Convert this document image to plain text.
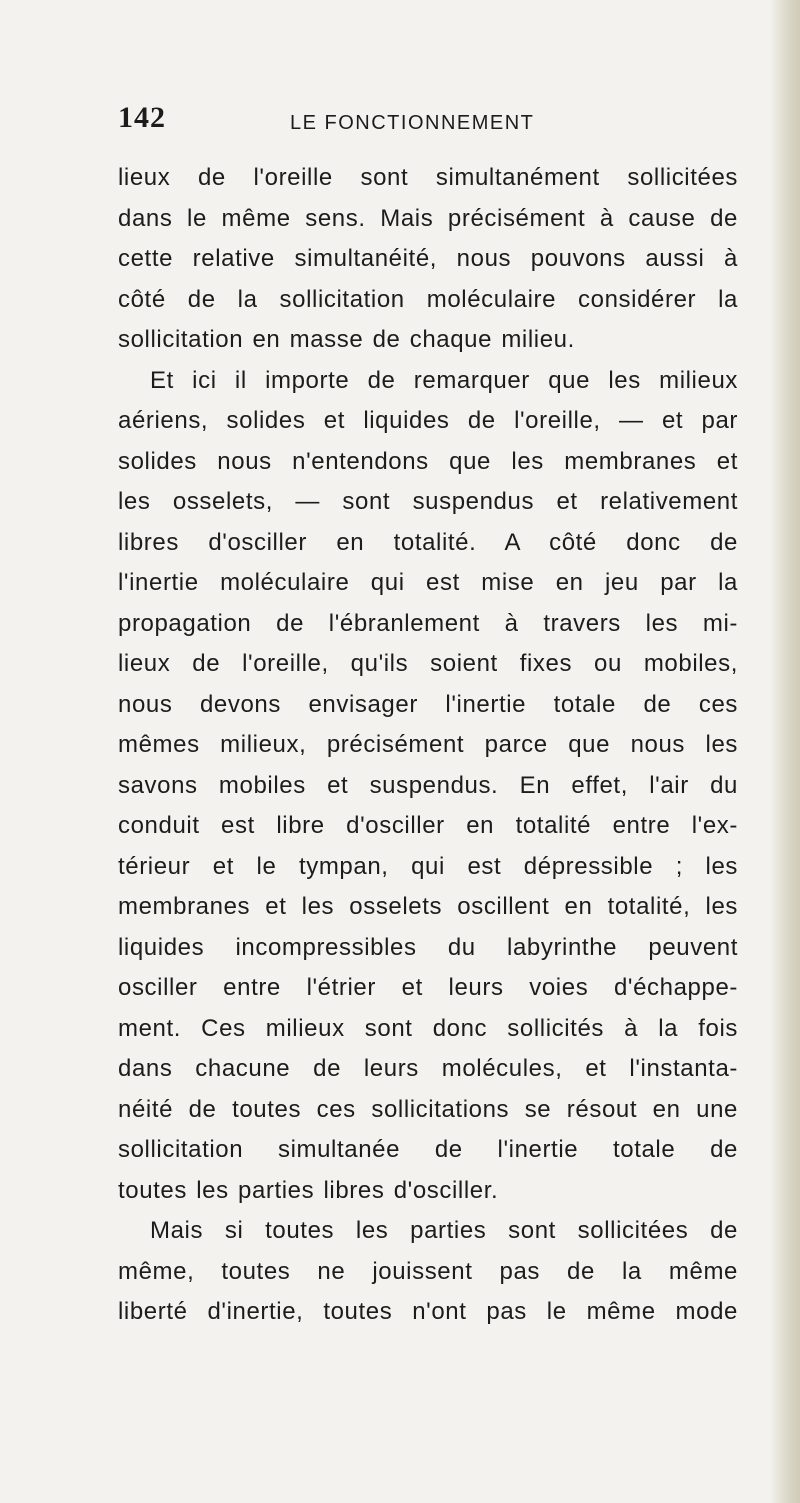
142	LE FONCTIONNEMENT
lieux de l'oreille sont simultanément sollicitées
dans le même sens. Mais précisément à cause de
cette relative simultanéité, nous pouvons aussi à
côté de la sollicitation moléculaire considérer la
sollicitation en masse de chaque milieu.
Et ici il importe de remarquer que les milieux
aériens, solides et liquides de l'oreille, — et par
solides nous n'entendons que les membranes et
les osselets, — sont suspendus et relativement
libres d'osciller en totalité. A côté donc de
l'inertie moléculaire qui est mise en jeu par la
propagation de l'ébranlement à travers les mi-
lieux de l'oreille, qu'ils soient fixes ou mobiles,
nous devons envisager l'inertie totale de ces
mêmes milieux, précisément parce que nous les
savons mobiles et suspendus. En effet, l'air du
conduit est libre d'osciller en totalité entre l'ex-
térieur et le tympan, qui est dépressible ; les
membranes et les osselets oscillent en totalité, les
liquides incompressibles du labyrinthe peuvent
osciller entre l'étrier et leurs voies d'échappe-
ment. Ces milieux sont donc sollicités à la fois
dans chacune de leurs molécules, et l'instanta-
néité de toutes ces sollicitations se résout en une
sollicitation simultanée de l'inertie totale de
toutes les parties libres d'osciller.
Mais si toutes les parties sont sollicitées de
même, toutes ne jouissent pas de la même
liberté d'inertie, toutes n'ont pas le même mode
